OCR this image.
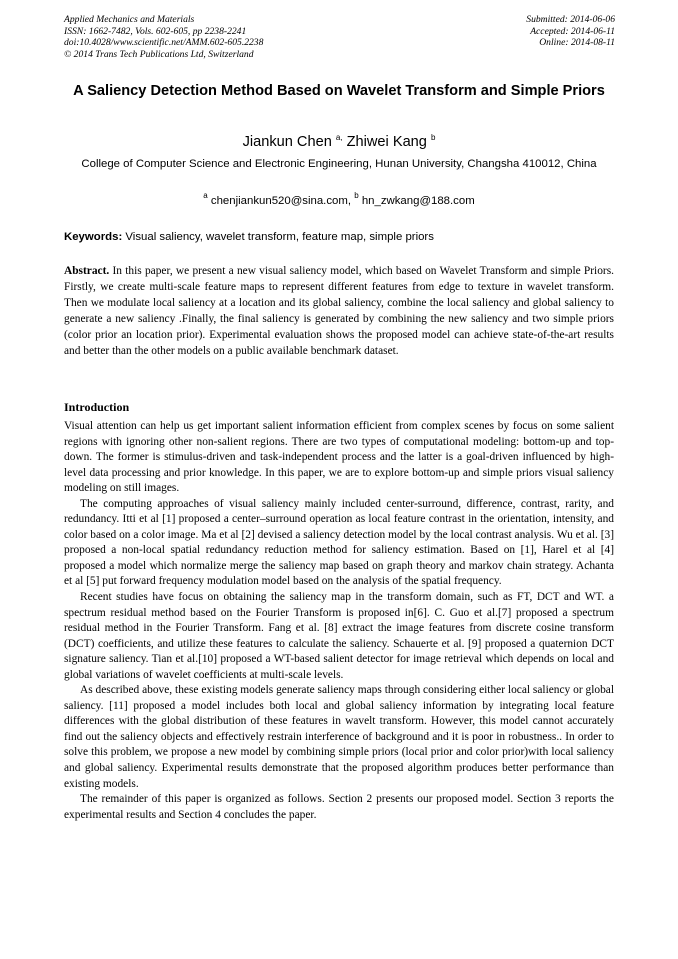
Applied Mechanics and Materials
ISSN: 1662-7482, Vols. 602-605, pp 2238-2241
doi:10.4028/www.scientific.net/AMM.602-605.2238
© 2014 Trans Tech Publications Ltd, Switzerland
Submitted: 2014-06-06
Accepted: 2014-06-11
Online: 2014-08-11
A Saliency Detection Method Based on Wavelet Transform and Simple Priors
Jiankun Chen $^{a,}$ Zhiwei Kang $^b$
College of Computer Science and Electronic Engineering, Hunan University, Changsha 410012, China
$^a$ chenjiankun520@sina.com, $^b$ hn_zwkang@188.com
Keywords: Visual saliency, wavelet transform, feature map, simple priors
Abstract. In this paper, we present a new visual saliency model, which based on Wavelet Transform and simple Priors. Firstly, we create multi-scale feature maps to represent different features from edge to texture in wavelet transform. Then we modulate local saliency at a location and its global saliency, combine the local saliency and global saliency to generate a new saliency .Finally, the final saliency is generated by combining the new saliency and two simple priors (color prior an location prior). Experimental evaluation shows the proposed model can achieve state-of-the-art results and better than the other models on a public available benchmark dataset.
Introduction

Visual attention can help us get important salient information efficient from complex scenes by focus on some salient regions with ignoring other non-salient regions. There are two types of computational modeling: bottom-up and top-down. The former is stimulus-driven and task-independent process and the latter is a goal-driven influenced by high-level data processing and prior knowledge. In this paper, we are to explore bottom-up and simple priors visual saliency modeling on still images.

The computing approaches of visual saliency mainly included center-surround, difference, contrast, rarity, and redundancy. Itti et al [1] proposed a center–surround operation as local feature contrast in the orientation, intensity, and color based on a color image. Ma et al [2] devised a saliency detection model by the local contrast analysis. Wu et al. [3] proposed a non-local spatial redundancy reduction method for saliency estimation. Based on [1], Harel et al [4] proposed a model which normalize merge the saliency map based on graph theory and markov chain strategy. Achanta et al [5] put forward frequency modulation model based on the analysis of the spatial frequency.

Recent studies have focus on obtaining the saliency map in the transform domain, such as FT, DCT and WT. a spectrum residual method based on the Fourier Transform is proposed in[6]. C. Guo et al.[7] proposed a spectrum residual method in the Fourier Transform. Fang et al. [8] extract the image features from discrete cosine transform (DCT) coefficients, and utilize these features to calculate the saliency. Schauerte et al. [9] proposed a quaternion DCT signature saliency. Tian et al.[10] proposed a WT-based salient detector for image retrieval which depends on local and global variations of wavelet coefficients at multi-scale levels.

As described above, these existing models generate saliency maps through considering either local saliency or global saliency. [11] proposed a model includes both local and global saliency information by integrating local feature differences with the global distribution of these features in wavelt transform. However, this model cannot accurately find out the saliency objects and effectively restrain interference of background and it is poor in robustness.. In order to solve this problem, we propose a new model by combining simple priors (local prior and color prior)with local saliency and global saliency. Experimental results demonstrate that the proposed algorithm produces better performance than existing models.

The remainder of this paper is organized as follows. Section 2 presents our proposed model. Section 3 reports the experimental results and Section 4 concludes the paper.
